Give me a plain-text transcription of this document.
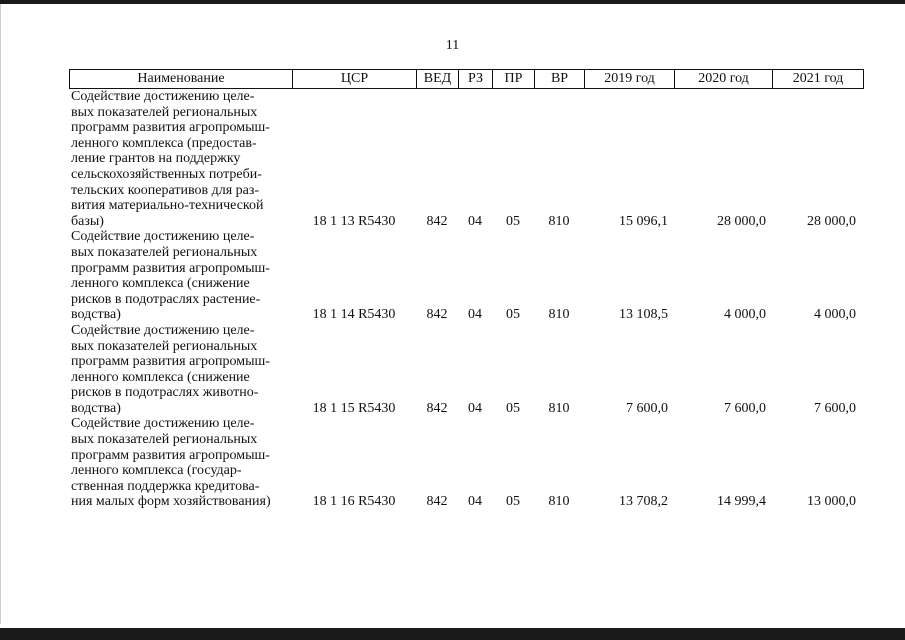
11
Наименование	ЦСР	ВЕД	РЗ	ПР	ВР	2019 год	2020 год	2021 год
Содействие достижению целе-
вых показателей региональных
программ развития агропромыш-
ленного комплекса (предостав-
ление грантов на поддержку
сельскохозяйственных потреби-
тельских кооперативов для раз-
вития материально-технической
базы)	18 1 13 R5430	842	04	05	810	15 096,1	28 000,0	28 000,0
Содействие достижению целе-
вых показателей региональных
программ развития агропромыш-
ленного комплекса (снижение
рисков в подотраслях растение-
водства)	18 1 14 R5430	842	04	05	810	13 108,5	4 000,0	4 000,0
Содействие достижению целе-
вых показателей региональных
программ развития агропромыш-
ленного комплекса (снижение
рисков в подотраслях животно-
водства)	18 1 15 R5430	842	04	05	810	7 600,0	7 600,0	7 600,0
Содействие достижению целе-
вых показателей региональных
программ развития агропромыш-
ленного комплекса (государ-
ственная поддержка кредитова-
ния малых форм хозяйствования)	18 1 16 R5430	842	04	05	810	13 708,2	14 999,4	13 000,0
